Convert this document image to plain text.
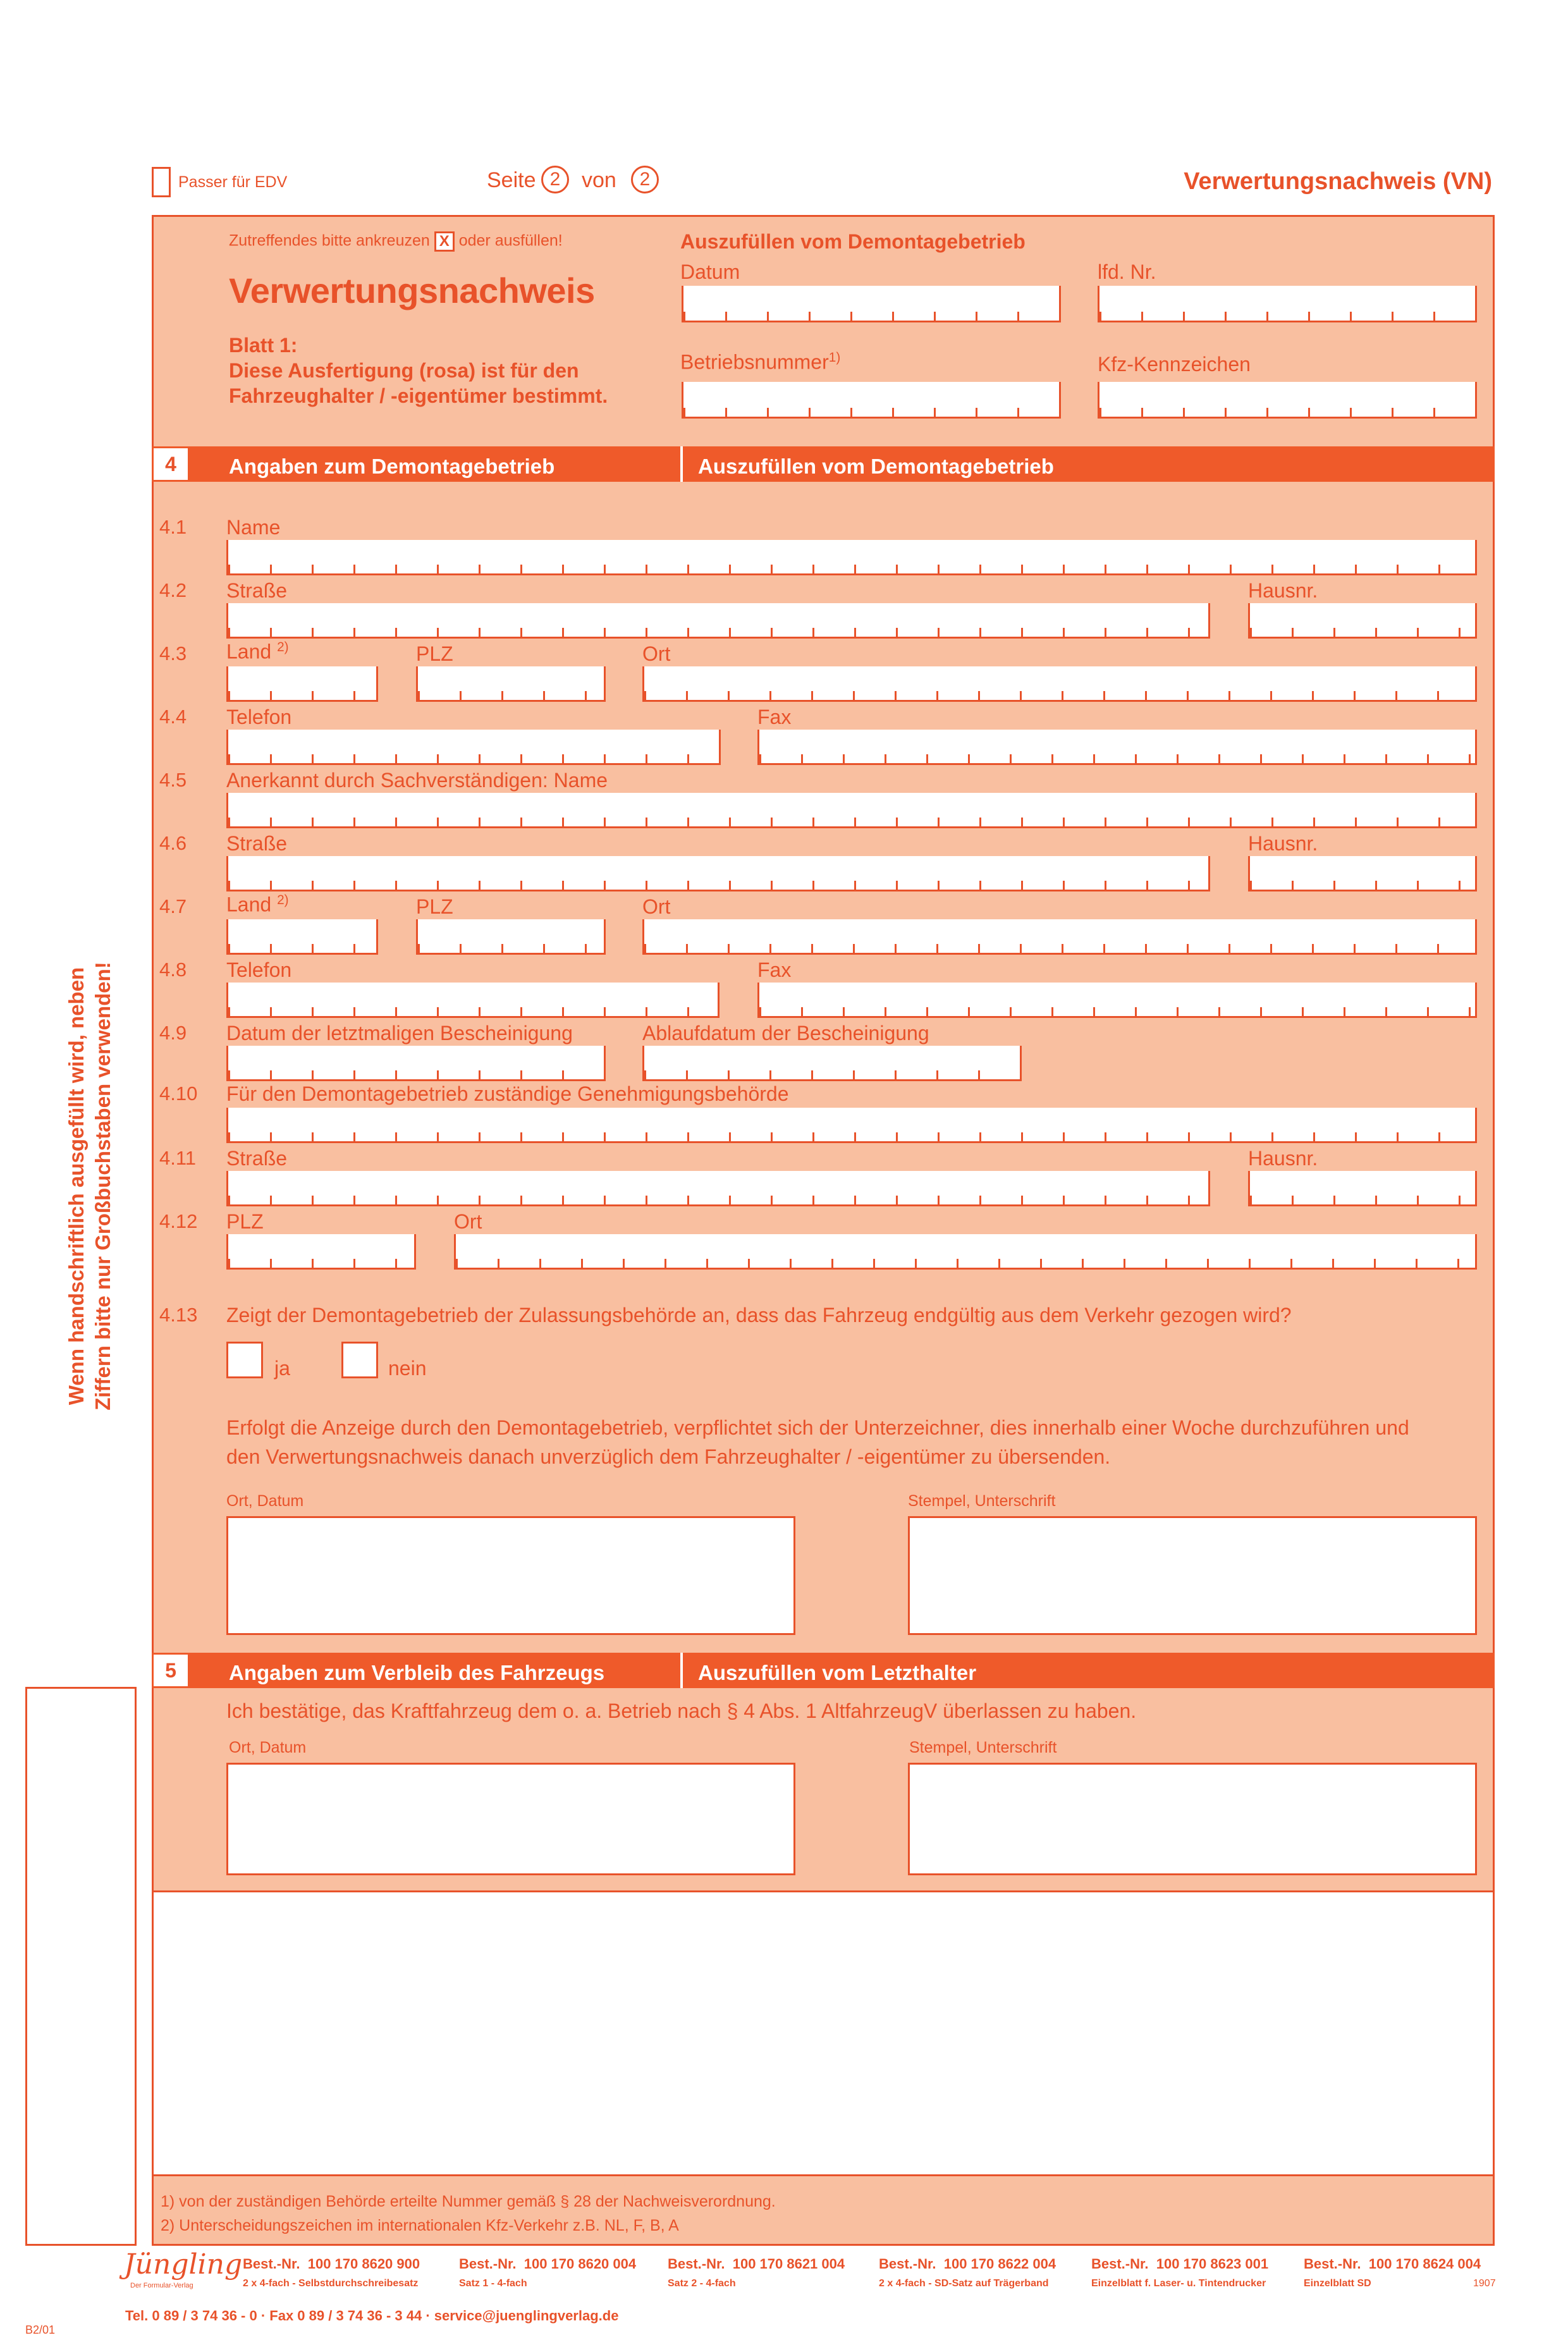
Passer für EDV	Seite 2 von 2	Verwertungsnachweis (VN)
Zutreffendes bitte ankreuzen X oder ausfüllen!
Verwertungsnachweis
Blatt 1:
Diese Ausfertigung (rosa) ist für den
Fahrzeughalter / -eigentümer bestimmt.
Auszufüllen vom Demontagebetrieb
Datum	lfd. Nr.
Betriebsnummer$^{1)}$	Kfz-Kennzeichen
4	Angaben zum Demontagebetrieb	Auszufüllen vom Demontagebetrieb
4.1 Name
4.2 Straße	Hausnr.
4.3 Land $^{2)}$	PLZ	Ort
4.4 Telefon	Fax
4.5 Anerkannt durch Sachverständigen: Name
4.6 Straße	Hausnr.
4.7 Land $^{2)}$	PLZ	Ort
4.8 Telefon	Fax
4.9 Datum der letztmaligen Bescheinigung	Ablaufdatum der Bescheinigung
4.10 Für den Demontagebetrieb zuständige Genehmigungsbehörde
4.11 Straße	Hausnr.
4.12 PLZ	Ort
4.13 Zeigt der Demontagebetrieb der Zulassungsbehörde an, dass das Fahrzeug endgültig aus dem Verkehr gezogen wird?
ja	nein
Erfolgt die Anzeige durch den Demontagebetrieb, verpflichtet sich der Unterzeichner, dies innerhalb einer Woche durchzuführen und
den Verwertungsnachweis danach unverzüglich dem Fahrzeughalter / -eigentümer zu übersenden.
Ort, Datum	Stempel, Unterschrift
5	Angaben zum Verbleib des Fahrzeugs	Auszufüllen vom Letzthalter
Ich bestätige, das Kraftfahrzeug dem o. a. Betrieb nach § 4 Abs. 1 AltfahrzeugV überlassen zu haben.
Ort, Datum	Stempel, Unterschrift
1) von der zuständigen Behörde erteilte Nummer gemäß § 28 der Nachweisverordnung.
2) Unterscheidungszeichen im internationalen Kfz-Verkehr z.B. NL, F, B, A
Wenn handschriftlich ausgefüllt wird, neben Ziffern bitte nur Großbuchstaben verwenden!
Jüngling
Der Formular-Verlag
Best.-Nr. 100 170 8620 900
2 x 4-fach - Selbstdurchschreibesatz
Best.-Nr. 100 170 8620 004
Satz 1 - 4-fach
Best.-Nr. 100 170 8621 004
Satz 2 - 4-fach
Best.-Nr. 100 170 8622 004
2 x 4-fach - SD-Satz auf Trägerband
Best.-Nr. 100 170 8623 001
Einzelblatt f. Laser- u. Tintendrucker
Best.-Nr. 100 170 8624 004
Einzelblatt SD	1907
Tel. 0 89 / 3 74 36 - 0 · Fax 0 89 / 3 74 36 - 3 44 · service@juenglingverlag.de
B2/01
